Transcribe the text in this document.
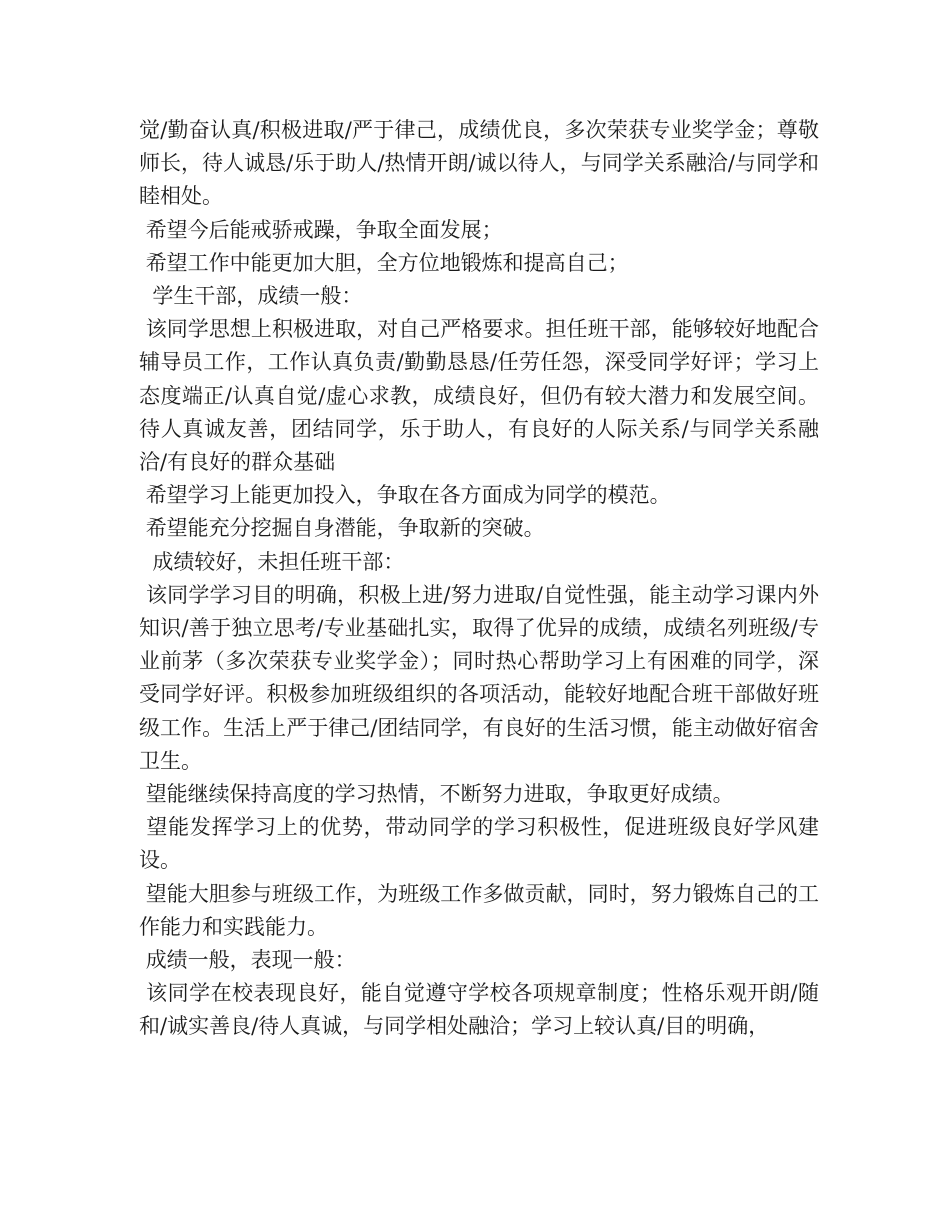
觉/勤奋认真/积极进取/严于律己，成绩优良，多次荣获专业奖学金；尊敬师长，待人诚恳/乐于助人/热情开朗/诚以待人，与同学关系融洽/与同学和睦相处。

希望今后能戒骄戒躁，争取全面发展；

希望工作中能更加大胆，全方位地锻炼和提高自己；

学生干部，成绩一般：

该同学思想上积极进取，对自己严格要求。担任班干部，能够较好地配合辅导员工作，工作认真负责/勤勤恳恳/任劳任怨，深受同学好评；学习上态度端正/认真自觉/虚心求教，成绩良好，但仍有较大潜力和发展空间。待人真诚友善，团结同学，乐于助人，有良好的人际关系/与同学关系融洽/有良好的群众基础

希望学习上能更加投入，争取在各方面成为同学的模范。

希望能充分挖掘自身潜能，争取新的突破。

成绩较好，未担任班干部：

该同学学习目的明确，积极上进/努力进取/自觉性强，能主动学习课内外知识/善于独立思考/专业基础扎实，取得了优异的成绩，成绩名列班级/专业前茅（多次荣获专业奖学金）；同时热心帮助学习上有困难的同学，深受同学好评。积极参加班级组织的各项活动，能较好地配合班干部做好班级工作。生活上严于律己/团结同学，有良好的生活习惯，能主动做好宿舍卫生。

望能继续保持高度的学习热情，不断努力进取，争取更好成绩。

望能发挥学习上的优势，带动同学的学习积极性，促进班级良好学风建设。

望能大胆参与班级工作，为班级工作多做贡献，同时，努力锻炼自己的工作能力和实践能力。

成绩一般，表现一般：

该同学在校表现良好，能自觉遵守学校各项规章制度；性格乐观开朗/随和/诚实善良/待人真诚，与同学相处融洽；学习上较认真/目的明确，
